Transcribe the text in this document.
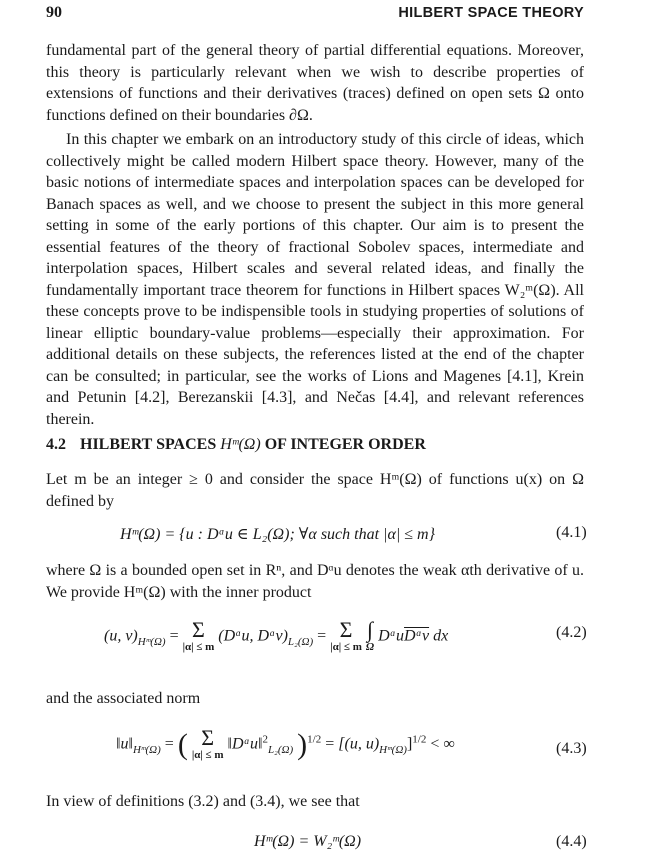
90	HILBERT SPACE THEORY

fundamental part of the general theory of partial differential equations. Moreover, this theory is particularly relevant when we wish to describe properties of extensions of functions and their derivatives (traces) defined on open sets Ω onto functions defined on their boundaries ∂Ω.

In this chapter we embark on an introductory study of this circle of ideas, which collectively might be called modern Hilbert space theory. However, many of the basic notions of intermediate spaces and interpolation spaces can be developed for Banach spaces as well, and we choose to present the subject in this more general setting in some of the early portions of this chapter. Our aim is to present the essential features of the theory of fractional Sobolev spaces, intermediate and interpolation spaces, Hilbert scales and several related ideas, and finally the fundamentally important trace theorem for functions in Hilbert spaces W₂ᵐ(Ω). All these concepts prove to be indispensible tools in studying properties of solutions of linear elliptic boundary-value problems—especially their approximation. For additional details on these subjects, the references listed at the end of the chapter can be consulted; in particular, see the works of Lions and Magenes [4.1], Krein and Petunin [4.2], Berezanskii [4.3], and Nečas [4.4], and relevant references therein.

4.2 HILBERT SPACES Hᵐ(Ω) OF INTEGER ORDER

Let m be an integer ≥ 0 and consider the space Hᵐ(Ω) of functions u(x) on Ω defined by

Hᵐ(Ω) = {u : Dᵅu ∈ L₂(Ω); ∀α such that |α| ≤ m}	(4.1)

where Ω is a bounded open set in Rⁿ, and Dᵅu denotes the weak αth derivative of u. We provide Hᵐ(Ω) with the inner product

(u, $v)_{Hᵐ(\Omega)} = \Sigma$
|α| ≤ m
(Dᵅu, $Dᵅv)_{L_2(\Omega)} = \Sigma$
|α| ≤ m

∫
Ω
$Dᵅu\overline{Dᵅv}$ dx	(4.2)

and the associated norm

$‖u‖_{Hᵐ(\Omega)}$ = ( Σ
|α| ≤ m
‖Dᵅu‖$^2_{L_2(\Omega)}$ )$^{1/2}$ = [(u, $u)_{Hᵐ(\Omega)}]^{1/2}$ < ∞	(4.3)

In view of definitions (3.2) and (3.4), we see that

Hᵐ(Ω) = W₂ᵐ(Ω)	(4.4)
